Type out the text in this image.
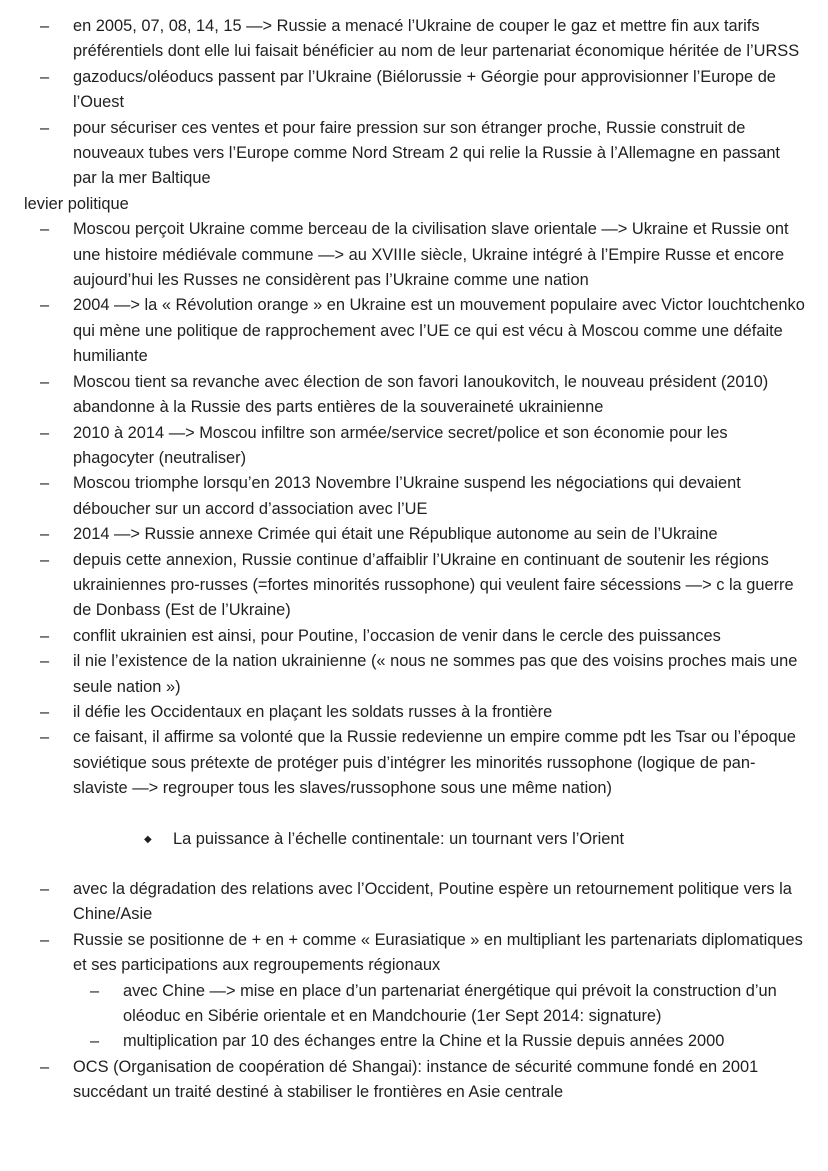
– en 2005, 07, 08, 14, 15 —> Russie a menacé l’Ukraine de couper le gaz et mettre fin aux tarifs préférentiels dont elle lui faisait bénéficier au nom de leur partenariat économique héritée de l’URSS
– gazoducs/oléoducs passent par l’Ukraine (Biélorussie + Géorgie pour approvisionner l’Europe de l’Ouest
– pour sécuriser ces ventes et pour faire pression sur son étranger proche, Russie construit de nouveaux tubes vers l’Europe comme Nord Stream 2 qui relie la Russie à l’Allemagne en passant par la mer Baltique
levier politique
– Moscou perçoit Ukraine comme berceau de la civilisation slave orientale —> Ukraine et Russie ont une histoire médiévale commune —> au XVIIIe siècle, Ukraine intégré à l’Empire Russe et encore aujourd’hui les Russes ne considèrent pas l’Ukraine comme une nation
– 2004 —> la « Révolution orange » en Ukraine est un mouvement populaire avec Victor Iouchtchenko qui mène une politique de rapprochement avec l’UE ce qui est vécu à Moscou comme une défaite humiliante
– Moscou tient sa revanche avec élection de son favori Ianoukovitch, le nouveau président (2010) abandonne à la Russie des parts entières de la souveraineté ukrainienne
– 2010 à 2014 —> Moscou infiltre son armée/service secret/police et son économie pour les phagocyter (neutraliser)
– Moscou triomphe lorsqu’en 2013 Novembre l’Ukraine suspend les négociations qui devaient déboucher sur un accord d’association avec l’UE
– 2014 —> Russie annexe Crimée qui était une République autonome au sein de l’Ukraine
– depuis cette annexion, Russie continue d’affaiblir l’Ukraine en continuant de soutenir les régions ukrainiennes pro-russes (=fortes minorités russophone) qui veulent faire sécessions —> c la guerre de Donbass (Est de l’Ukraine)
– conflit ukrainien est ainsi, pour Poutine, l’occasion de venir dans le cercle des puissances
– il nie l’existence de la nation ukrainienne (« nous ne sommes pas que des voisins proches mais une seule nation »)
– il défie les Occidentaux en plaçant les soldats russes à la frontière
– ce faisant, il affirme sa volonté que la Russie redevienne un empire comme pdt les Tsar ou l’époque soviétique sous prétexte de protéger puis d’intégrer les minorités russophone (logique de pan-slaviste —> regrouper tous les slaves/russophone sous une même nation)
◆ La puissance à l’échelle continentale: un tournant vers l’Orient
– avec la dégradation des relations avec l’Occident, Poutine espère un retournement politique vers la Chine/Asie
– Russie se positionne de + en + comme « Eurasiatique » en multipliant les partenariats diplomatiques et ses participations aux regroupements régionaux
– avec Chine —> mise en place d’un partenariat énergétique qui prévoit la construction d’un oléoduc en Sibérie orientale et en Mandchourie (1er Sept 2014: signature)
– multiplication par 10 des échanges entre la Chine et la Russie depuis années 2000
– OCS (Organisation de coopération dé Shangai): instance de sécurité commune fondé en 2001 succédant un traité destiné à stabiliser le frontières en Asie centrale
